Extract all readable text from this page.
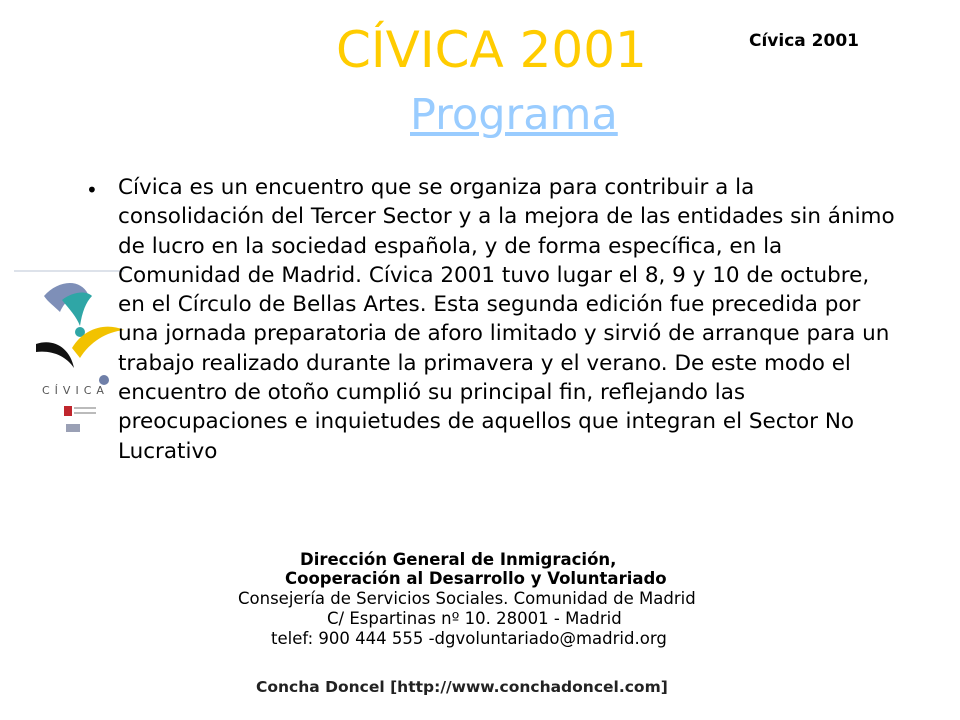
CÍVICA 2001	Cívica 2001
Programa
CÍVICA
• Cívica es un encuentro que se organiza para contribuir a la consolidación del Tercer Sector y a la mejora de las entidades sin ánimo de lucro en la sociedad española, y de forma específica, en la Comunidad de Madrid. Cívica 2001 tuvo lugar el 8, 9 y 10 de octubre, en el Círculo de Bellas Artes. Esta segunda edición fue precedida por una jornada preparatoria de aforo limitado y sirvió de arranque para un trabajo realizado durante la primavera y el verano. De este modo el encuentro de otoño cumplió su principal fin, reflejando las preocupaciones e inquietudes de aquellos que integran el Sector No Lucrativo
Dirección General de Inmigración,
Cooperación al Desarrollo y Voluntariado
Consejería de Servicios Sociales. Comunidad de Madrid
C/ Espartinas nº 10. 28001 - Madrid
telef: 900 444 555 -dgvoluntariado@madrid.org
Concha Doncel [http://www.conchadoncel.com]
